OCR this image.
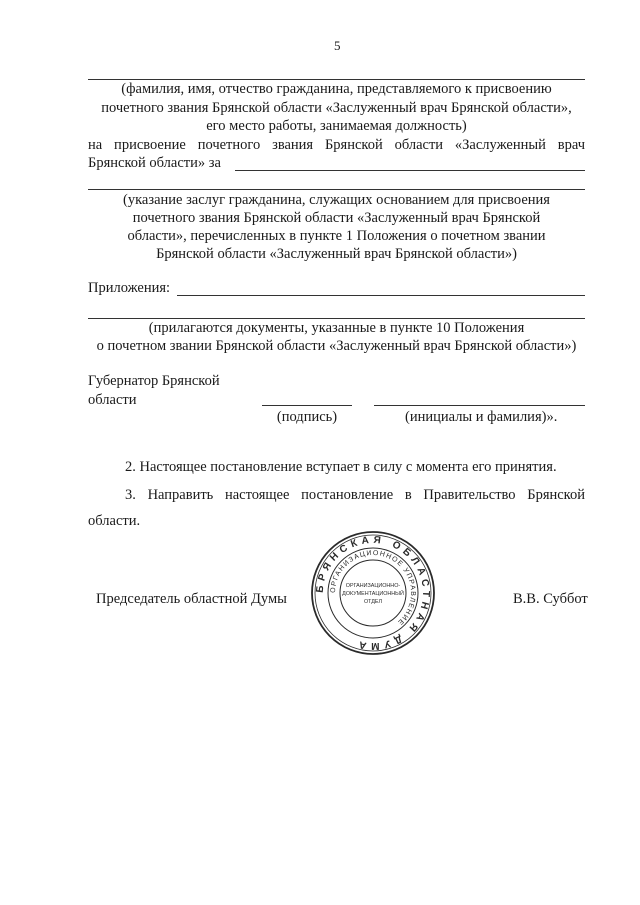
5
(фамилия, имя, отчество гражданина, представляемого к присвоению
почетного звания Брянской области «Заслуженный врач Брянской области»,
его место работы, занимаемая должность)
на присвоение почетного звания Брянской области «Заслуженный врач
Брянской области» за
(указание заслуг гражданина, служащих основанием для присвоения
почетного звания Брянской области «Заслуженный врач Брянской
области», перечисленных в пункте 1 Положения о почетном звании
Брянской области «Заслуженный врач Брянской области»)
Приложения:
(прилагаются документы, указанные в пункте 10 Положения
о почетном звании Брянской области «Заслуженный врач Брянской области»)
Губернатор Брянской
области
(подпись)	(инициалы и фамилия)».
2. Настоящее постановление вступает в силу с момента его принятия.
3. Направить настоящее постановление в Правительство Брянской
области.
Председатель областной Думы	В.В. Суббот
БРЯНСКАЯ ОБЛАСТНАЯ ДУМА
ОРГАНИЗАЦИОННОЕ УПРАВЛЕНИЕ
ОРГАНИЗАЦИОННО-
ДОКУМЕНТАЦИОННЫЙ
ОТДЕЛ
